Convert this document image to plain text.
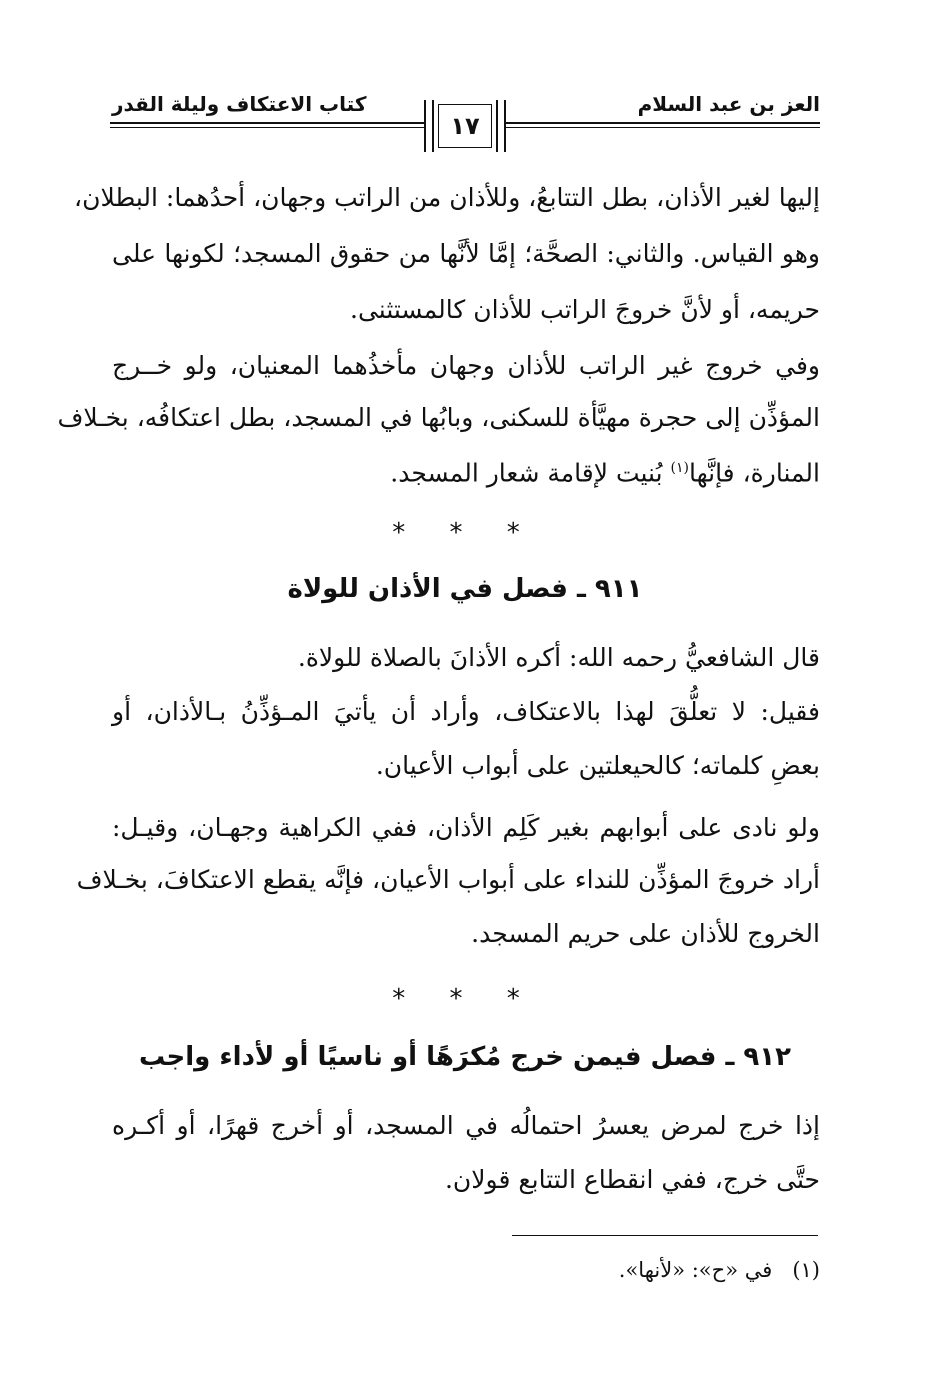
العز بن عبد السلام
كتاب الاعتكاف وليلة القدر
١٧
إليها لغير الأذان، بطل التتابعُ، وللأذان من الراتب وجهان، أحدُهما: البطلان،
وهو القياس. والثاني: الصحَّة؛ إمَّا لأنَّها من حقوق المسجد؛ لكونها على
حريمه، أو لأنَّ خروجَ الراتب للأذان كالمستثنى.
وفي خروج غير الراتب للأذان وجهان مأخذُهما المعنيان، ولو خــرج
المؤذِّن إلى حجرة مهيَّأة للسكنى، وبابُها في المسجد، بطل اعتكافُه، بخـلاف
المنارة، فإنَّها$^{(١)}$ بُنيت لإقامة شعار المسجد.
* * *
٩١١ ـ فصل في الأذان للولاة
قال الشافعيُّ رحمه الله: أكره الأذانَ بالصلاة للولاة.
فقيل: لا تعلُّقَ لهذا بالاعتكاف، وأراد أن يأتيَ المـؤذِّنُ بـالأذان، أو
بعضِ كلماته؛ كالحيعلتين على أبواب الأعيان.
ولو نادى على أبوابهم بغير كَلِم الأذان، ففي الكراهية وجهـان، وقيـل:
أراد خروجَ المؤذِّن للنداء على أبواب الأعيان، فإنَّه يقطع الاعتكافَ، بخـلاف
الخروج للأذان على حريم المسجد.
* * *
٩١٢ ـ فصل فيمن خرج مُكرَهًا أو ناسيًا أو لأداء واجب
إذا خرج لمرض يعسرُ احتمالُه في المسجد، أو أخرج قهرًا، أو أكـره
حتَّى خرج، ففي انقطاع التتابع قولان.
(١)   في «ح»: «لأنها».
